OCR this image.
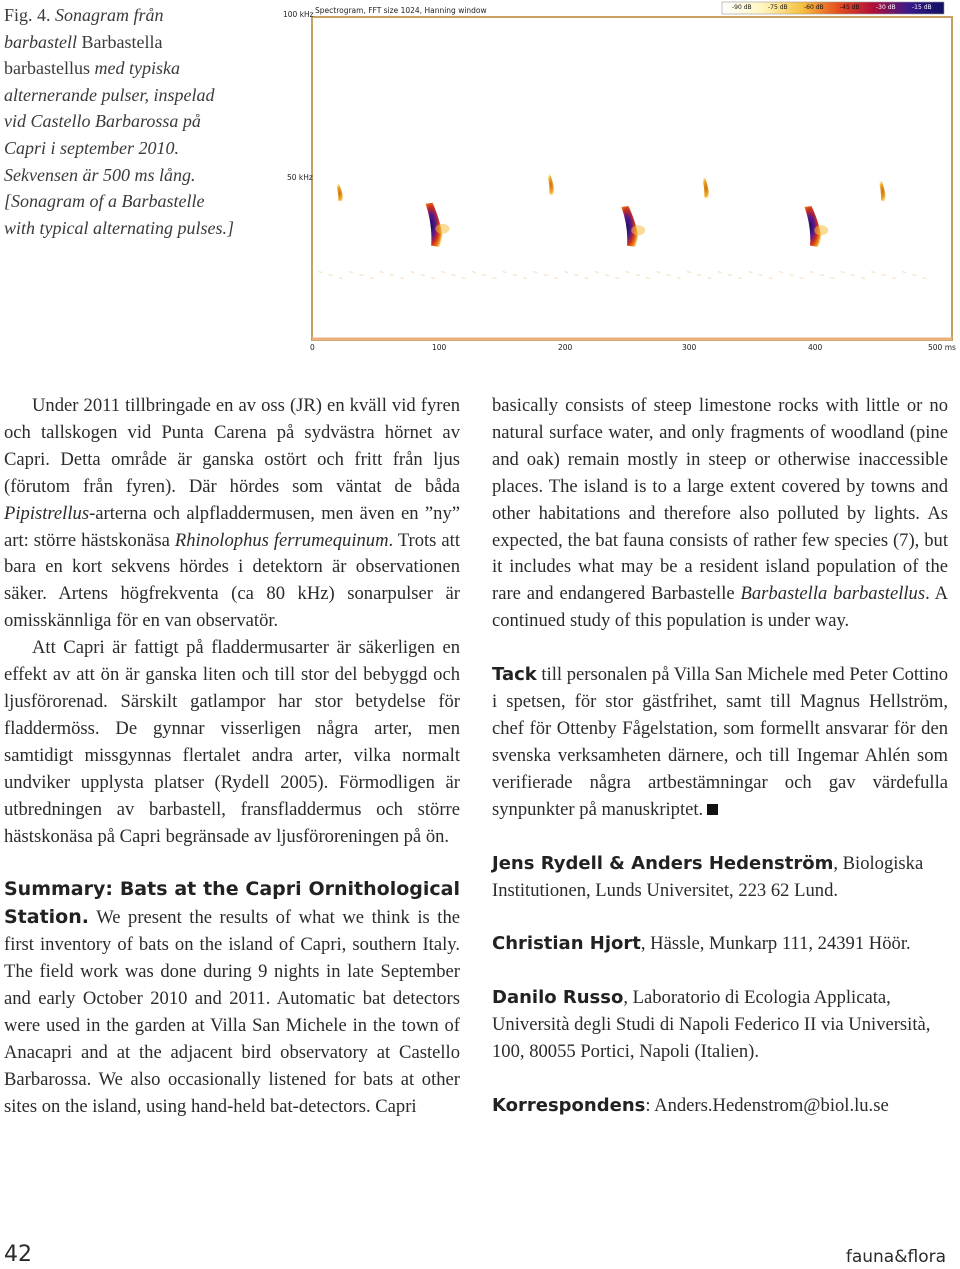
Fig. 4. Sonagram från barbastell Barbastella barbastellus med typiska alternerande pulser, inspelad vid Castello Barbarossa på Capri i september 2010. Sekvensen är 500 ms lång. [Sonagram of a Barbastelle with typical alternating pulses.]
Spectrogram, FFT size 1024, Hanning window
100 kHz
50 kHz
0	100	200	300	400	500 ms
-90 dB	-75 dB	-60 dB	-45 dB	-30 dB	-15 dB

Under 2011 tillbringade en av oss (JR) en kväll vid fyren och tallskogen vid Punta Carena på sydvästra hörnet av Capri. Detta område är ganska ostört och fritt från ljus (förutom från fyren). Där hördes som väntat de båda Pipistrellus-arterna och alpfladdermusen, men även en ”ny” art: större hästskonäsa Rhinolophus ferrumequinum. Trots att bara en kort sekvens hördes i detektorn är observationen säker. Artens högfrekventa (ca 80 kHz) sonarpulser är omisskännliga för en van observatör.

Att Capri är fattigt på fladdermusarter är säkerligen en effekt av att ön är ganska liten och till stor del bebyggd och ljusförorenad. Särskilt gatlampor har stor betydelse för fladdermöss. De gynnar visserligen några arter, men samtidigt missgynnas flertalet andra arter, vilka normalt undviker upplysta platser (Rydell 2005). Förmodligen är utbredningen av barbastell, fransfladdermus och större hästskonäsa på Capri begränsade av ljusföroreningen på ön.

Summary: Bats at the Capri Ornithological Station. We present the results of what we think is the first inventory of bats on the island of Capri, southern Italy. The field work was done during 9 nights in late September and early October 2010 and 2011. Automatic bat detectors were used in the garden at Villa San Michele in the town of Anacapri and at the adjacent bird observatory at Castello Barbarossa. We also occasionally listened for bats at other sites on the island, using hand-held bat-detectors. Capri

basically consists of steep limestone rocks with little or no natural surface water, and only fragments of woodland (pine and oak) remain mostly in steep or otherwise inaccessible places. The island is to a large extent covered by towns and other habitations and therefore also polluted by lights. As expected, the bat fauna consists of rather few species (7), but it includes what may be a resident island population of the rare and endangered Barbastelle Barbastella barbastellus. A continued study of this population is under way.

Tack till personalen på Villa San Michele med Peter Cottino i spetsen, för stor gästfrihet, samt till Magnus Hellström, chef för Ottenby Fågelstation, som formellt ansvarar för den svenska verksamheten därnere, och till Ingemar Ahlén som verifierade några artbestämningar och gav värdefulla synpunkter på manuskriptet.

Jens Rydell & Anders Hedenström, Biologiska Institutionen, Lunds Universitet, 223 62 Lund.

Christian Hjort, Hässle, Munkarp 111, 24391 Höör.

Danilo Russo, Laboratorio di Ecologia Applicata, Università degli Studi di Napoli Federico II via Università, 100, 80055 Portici, Napoli (Italien).

Korrespondens: Anders.Hedenstrom@biol.lu.se

42	fauna&flora
